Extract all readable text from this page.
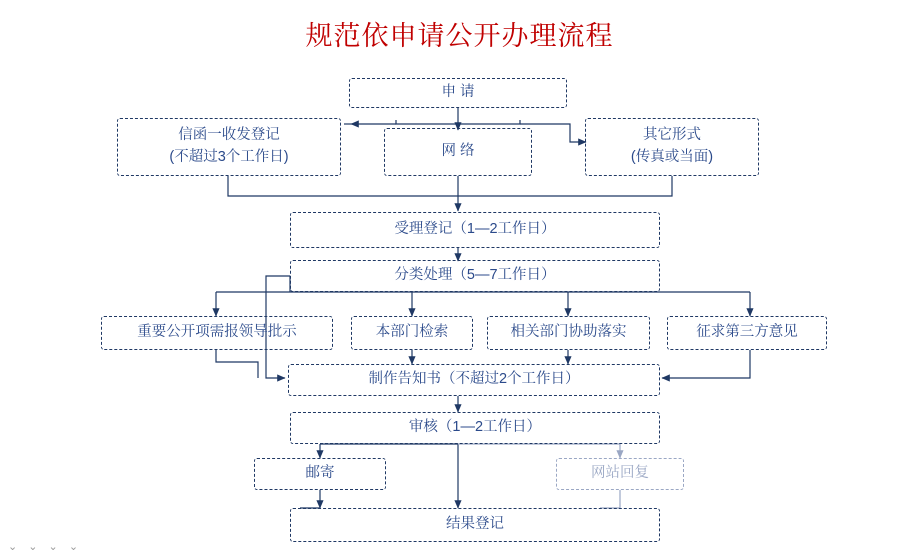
规范依申请公开办理流程
申 请
信函一收发登记
(不超过3个工作日)	网 络
其它形式
(传真或当面)
受理登记（1—2工作日）
分类处理（5—7工作日）
重要公开项需报领导批示	本部门检索	相关部门协助落实	征求第三方意见
制作告知书（不超过2个工作日）
审核（1—2工作日）
邮寄	网站回复
结果登记
⌄ ⌄ ⌄ ⌄
